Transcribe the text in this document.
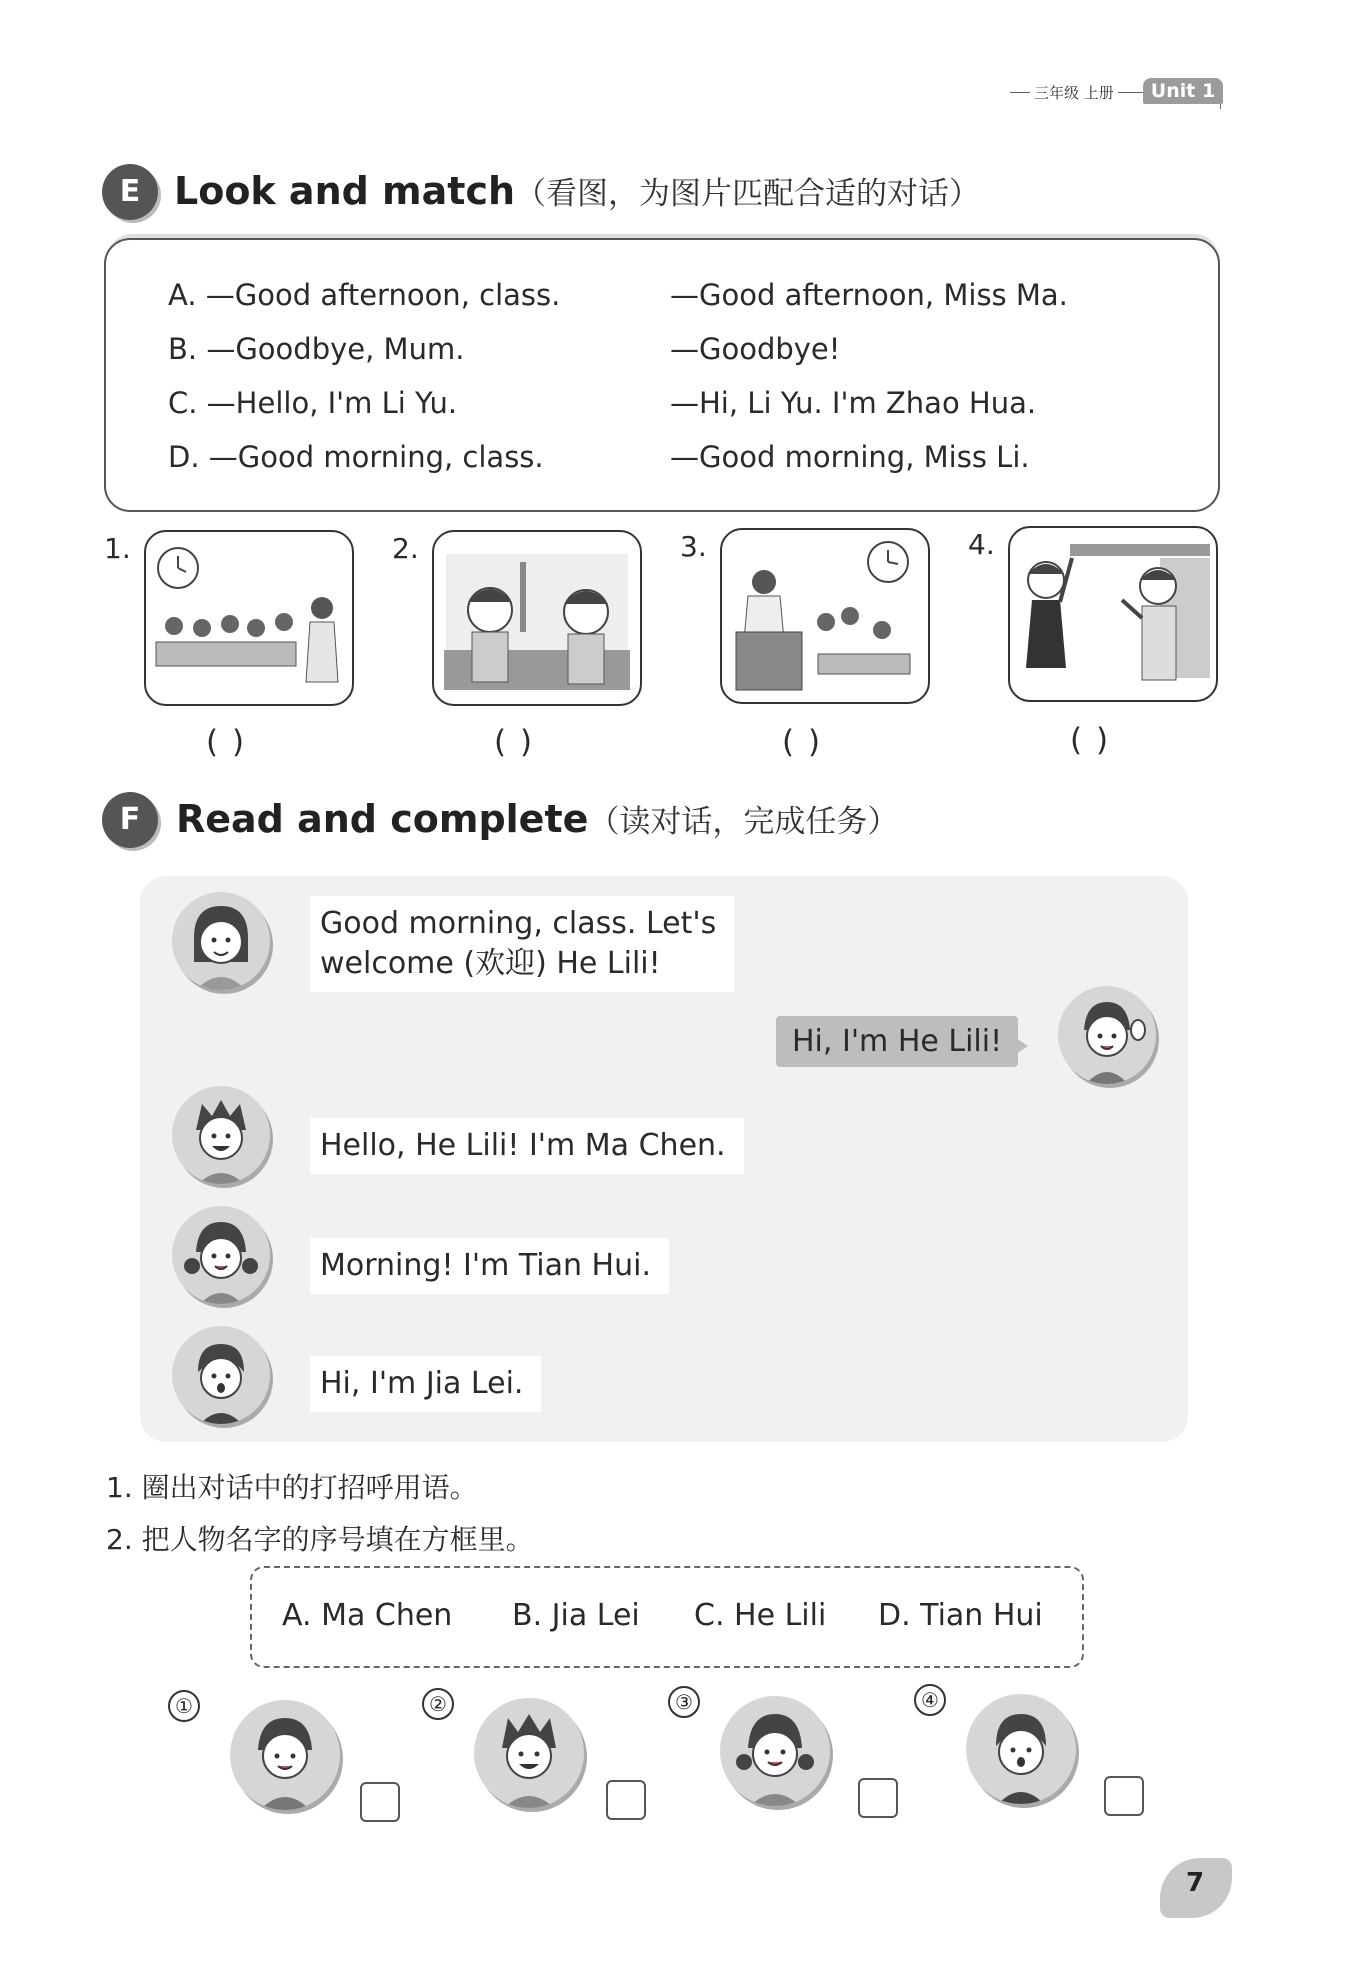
三年级 上册	Unit 1
E Look and match（看图，为图片匹配合适的对话）
A. —Good afternoon, class.	—Good afternoon, Miss Ma.
B. —Goodbye, Mum.	—Goodbye!
C. —Hello, I'm Li Yu.	—Hi, Li Yu. I'm Zhao Hua.
D. —Good morning, class.	—Good morning, Miss Li.
1.
( )
2.
( )
3.
( )
4.
( )
F Read and complete（读对话，完成任务）
Good morning, class. Let's
welcome (欢迎) He Lili!
Hi, I'm He Lili!
Hello, He Lili! I'm Ma Chen.
Morning! I'm Tian Hui.
Hi, I'm Jia Lei.
1. 圈出对话中的打招呼用语。
2. 把人物名字的序号填在方框里。
A. Ma Chen B. Jia Lei C. He Lili D. Tian Hui
①	②	③	④
7
